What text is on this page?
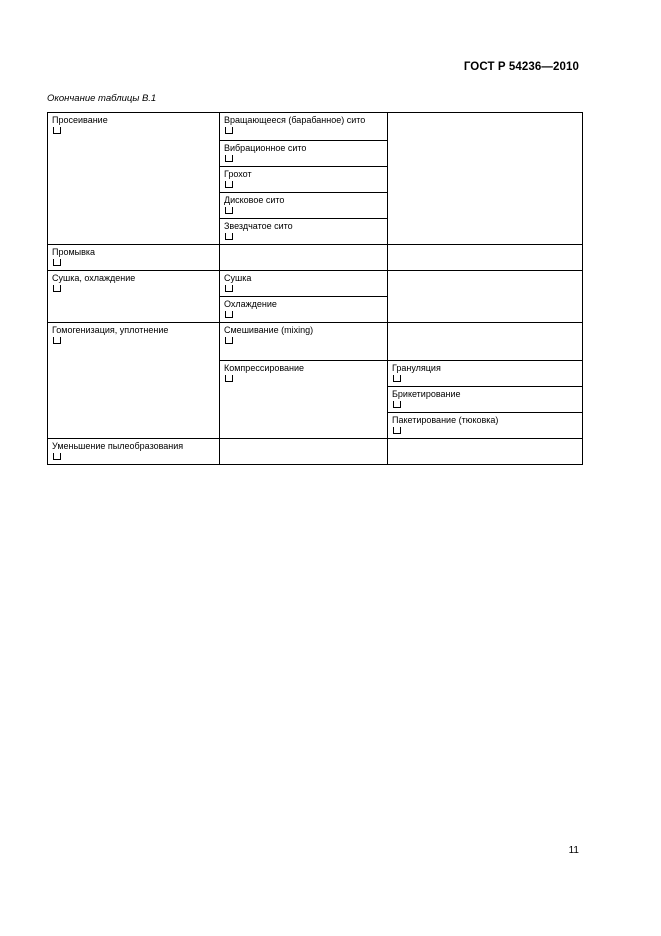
ГОСТ Р 54236—2010
Окончание таблицы В.1
Просеивание	Вращающееся (барабанное) сито	

	Вибрационное сито	

	Грохот	

	Дисковое сито	

	Звездчатое сито	

Промывка		

Сушка, охлаждение	Сушка	

	Охлаждение	

Гомогенизация, уплотнение	Смешивание (mixing)	

	Компрессирование	Грануляция

		Брикетирование

		Пакетирование (тюковка)

Уменьшение пылеобразования		

11
